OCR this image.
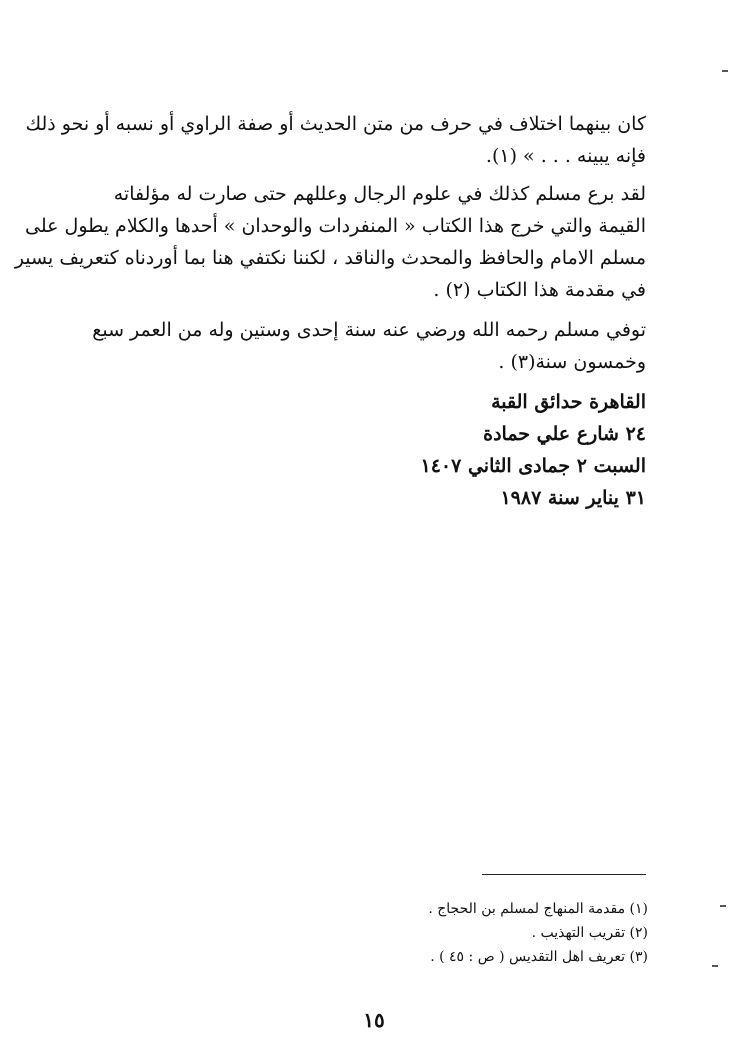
كان بينهما اختلاف في حرف من متن الحديث أو صفة الراوي أو نسبه أو نحو ذلك
فإنه يبينه . . . » (١).
لقد برع مسلم كذلك في علوم الرجال وعللهم حتى صارت له مؤلفاته
القيمة والتي خرج هذا الكتاب « المنفردات والوحدان » أحدها والكلام يطول على
مسلم الامام والحافظ والمحدث والناقد ، لكننا نكتفي هنا بما أوردناه كتعريف يسير
في مقدمة هذا الكتاب (٢) .
توفي مسلم رحمه الله ورضي عنه سنة إحدى وستين وله من العمر سبع
وخمسون سنة(٣) .
القاهرة حدائق القبة
٢٤ شارع علي حمادة
السبت ٢ جمادى الثاني ١٤٠٧
٣١ يناير سنة ١٩٨٧
(١) مقدمة المنهاج لمسلم بن الحجاج .
(٢) تقريب التهذيب .
(٣) تعريف اهل التقديس ( ص : ٤٥ ) .
١٥
